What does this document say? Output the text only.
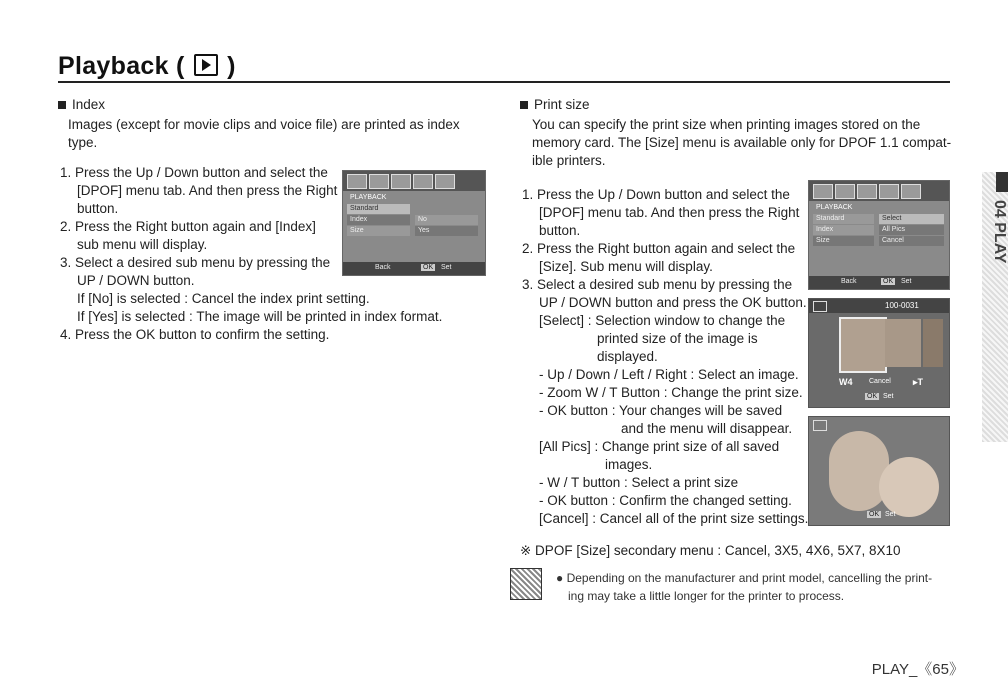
Playback (  )
Index
Images (except for movie clips and voice file) are printed as index
type.
1. Press the Up / Down button and select the
[DPOF] menu tab. And then press the Right
button.
2. Press the Right button again and [Index]
sub menu will display.
3. Select a desired sub menu by pressing the
UP / DOWN button.
If [No] is selected : Cancel the index print setting.
If [Yes] is selected : The image will be printed in index format.
4. Press the OK button to confirm the setting.
PLAYBACK
Standard
Index	No
Size	Yes
Back	OK Set
Print size
You can specify the print size when printing images stored on the
memory card. The [Size] menu is available only for DPOF 1.1 compat-
ible printers.
1. Press the Up / Down button and select the
[DPOF] menu tab. And then press the Right
button.
2. Press the Right button again and select the
[Size]. Sub menu will display.
3. Select a desired sub menu by pressing the
UP / DOWN button and press the OK button.
[Select] : Selection window to change the
printed size of the image is
displayed.
- Up / Down / Left / Right : Select an image.
- Zoom W / T Button : Change the print size.
- OK button : Your changes will be saved
and the menu will disappear.
[All Pics] : Change print size of all saved
images.
- W / T button : Select a print size
- OK button : Confirm the changed setting.
[Cancel] : Cancel all of the print size settings.
PLAYBACK
Standard	Select
Index	All Pics
Size	Cancel
Back	OK Set
100-0031
W4 Cancel ▸T
OK Set
OK Set
※ DPOF [Size] secondary menu : Cancel, 3X5, 4X6, 5X7, 8X10
● Depending on the manufacturer and print model, cancelling the print-
ing may take a little longer for the printer to process.
04 PLAY
PLAY_《65》
